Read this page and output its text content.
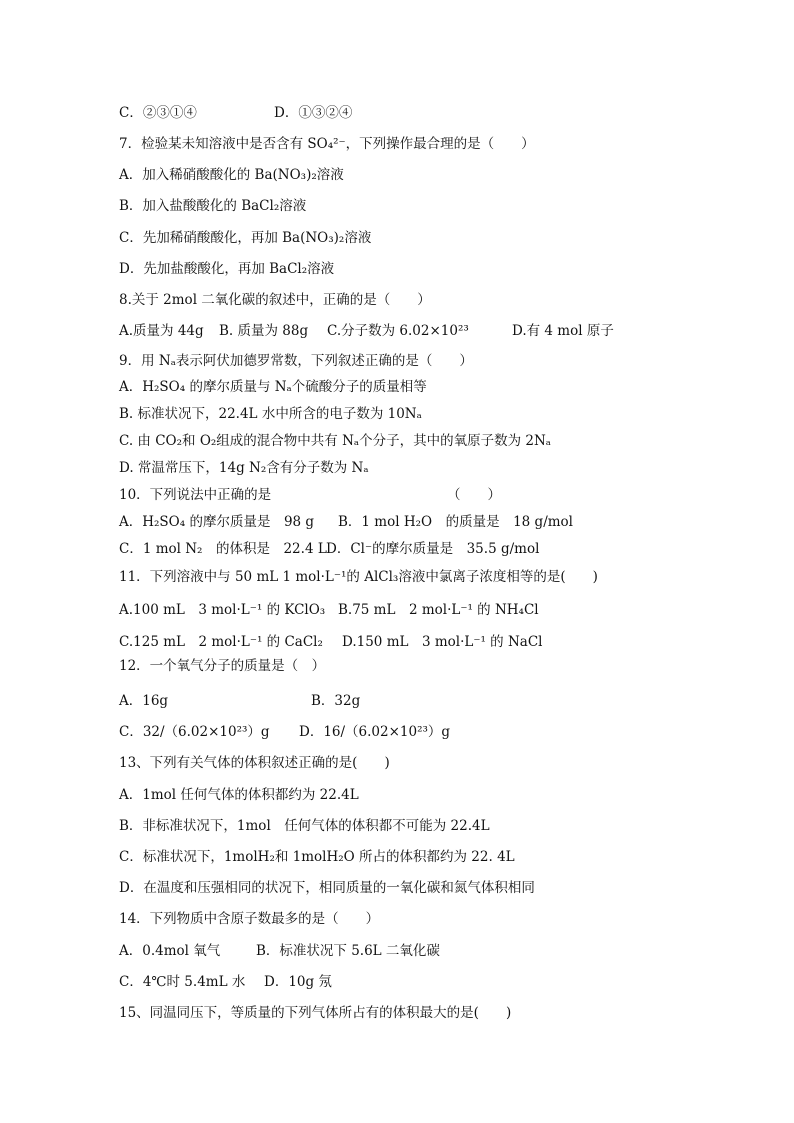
C．②③①④	D．①③②④
7．检验某未知溶液中是否含有 SO₄²⁻，下列操作最合理的是（　　）
A．加入稀硝酸酸化的 Ba(NO₃)₂溶液
B．加入盐酸酸化的 BaCl₂溶液
C．先加稀硝酸酸化，再加 Ba(NO₃)₂溶液
D．先加盐酸酸化，再加 BaCl₂溶液
8.关于 2mol 二氧化碳的叙述中，正确的是（　　）
A.质量为 44g B. 质量为 88g C.分子数为 6.02×10²³	D.有 4 mol 原子
9．用 Nₐ表示阿伏加德罗常数，下列叙述正确的是（　　）
A．H₂SO₄ 的摩尔质量与 Nₐ个硫酸分子的质量相等
B. 标准状况下，22.4L 水中所含的电子数为 10Nₐ
C. 由 CO₂和 O₂组成的混合物中共有 Nₐ个分子，其中的氧原子数为 2Nₐ
D. 常温常压下，14g N₂含有分子数为 Nₐ
10．下列说法中正确的是	（　　）
A．H₂SO₄ 的摩尔质量是　98 g B．1 mol H₂O　的质量是　18 g/mol
C．1 mol N₂　的体积是　22.4 L D．Cl⁻的摩尔质量是　35.5 g/mol
11．下列溶液中与 50 mL 1 mol·L⁻¹的 AlCl₃溶液中氯离子浓度相等的是(　　)
A.100 mL　3 mol·L⁻¹ 的 KClO₃ B.75 mL　2 mol·L⁻¹ 的 NH₄Cl
C.125 mL　2 mol·L⁻¹ 的 CaCl₂ D.150 mL　3 mol·L⁻¹ 的 NaCl
12．一个氧气分子的质量是（　）
A．16g	B．32g
C．32/（6.02×10²³）g D．16/（6.02×10²³）g
13、下列有关气体的体积叙述正确的是(　　)
A．1mol 任何气体的体积都约为 22.4L
B．非标准状况下，1mol　任何气体的体积都不可能为 22.4L
C．标准状况下，1molH₂和 1molH₂O 所占的体积都约为 22. 4L
D．在温度和压强相同的状况下，相同质量的一氧化碳和氮气体积相同
14．下列物质中含原子数最多的是（　　）
A．0.4mol 氧气	B．标准状况下 5.6L 二氧化碳
C．4℃时 5.4mL 水 D．10g 氖
15、同温同压下，等质量的下列气体所占有的体积最大的是(　　)
